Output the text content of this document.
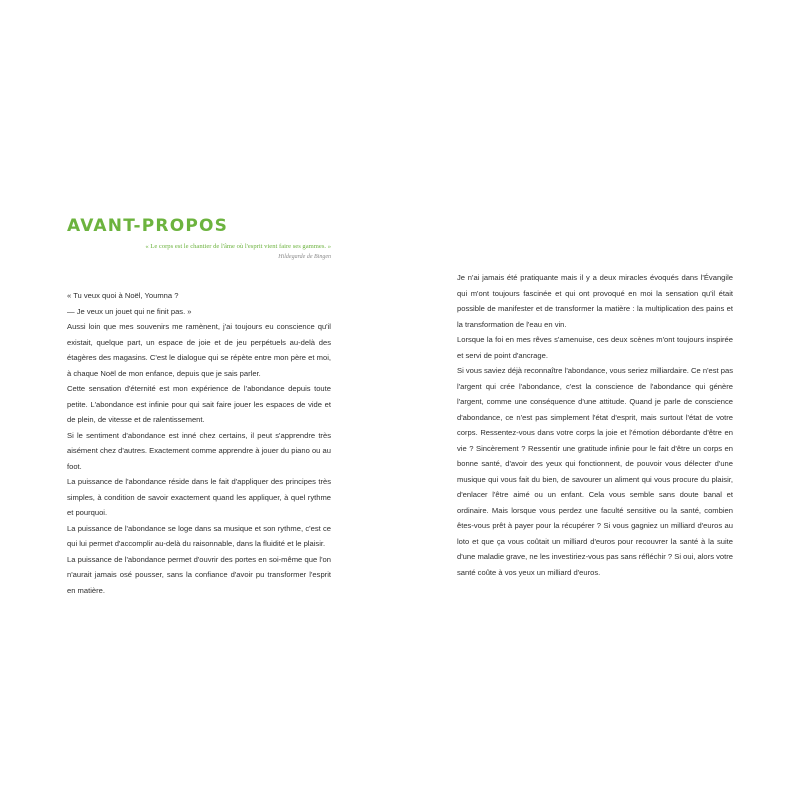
AVANT-PROPOS

« Le corps est le chantier de l'âme où l'esprit vient faire ses gammes. »

Hildegarde de Bingen

« Tu veux quoi à Noël, Youmna ?

— Je veux un jouet qui ne finit pas. »

Aussi loin que mes souvenirs me ramènent, j'ai toujours eu conscience qu'il existait, quelque part, un espace de joie et de jeu perpétuels au-delà des étagères des magasins. C'est le dialogue qui se répète entre mon père et moi, à chaque Noël de mon enfance, depuis que je sais parler.

Cette sensation d'éternité est mon expérience de l'abondance depuis toute petite. L'abondance est infinie pour qui sait faire jouer les espaces de vide et de plein, de vitesse et de ralentissement.

Si le sentiment d'abondance est inné chez certains, il peut s'apprendre très aisément chez d'autres. Exactement comme apprendre à jouer du piano ou au foot.

La puissance de l'abondance réside dans le fait d'appliquer des principes très simples, à condition de savoir exactement quand les appliquer, à quel rythme et pourquoi.

La puissance de l'abondance se loge dans sa musique et son rythme, c'est ce qui lui permet d'accomplir au-delà du raisonnable, dans la fluidité et le plaisir.

La puissance de l'abondance permet d'ouvrir des portes en soi-même que l'on n'aurait jamais osé pousser, sans la confiance d'avoir pu transformer l'esprit en matière.

Je n'ai jamais été pratiquante mais il y a deux miracles évoqués dans l'Évangile qui m'ont toujours fascinée et qui ont provoqué en moi la sensation qu'il était possible de manifester et de transformer la matière : la multiplication des pains et la transformation de l'eau en vin.

Lorsque la foi en mes rêves s'amenuise, ces deux scènes m'ont toujours inspirée et servi de point d'ancrage.

Si vous saviez déjà reconnaître l'abondance, vous seriez milliardaire. Ce n'est pas l'argent qui crée l'abondance, c'est la conscience de l'abondance qui génère l'argent, comme une conséquence d'une attitude. Quand je parle de conscience d'abondance, ce n'est pas simplement l'état d'esprit, mais surtout l'état de votre corps. Ressentez-vous dans votre corps la joie et l'émotion débordante d'être en vie ? Sincèrement ? Ressentir une gratitude infinie pour le fait d'être un corps en bonne santé, d'avoir des yeux qui fonctionnent, de pouvoir vous délecter d'une musique qui vous fait du bien, de savourer un aliment qui vous procure du plaisir, d'enlacer l'être aimé ou un enfant. Cela vous semble sans doute banal et ordinaire. Mais lorsque vous perdez une faculté sensitive ou la santé, combien êtes-vous prêt à payer pour la récupérer ? Si vous gagniez un milliard d'euros au loto et que ça vous coûtait un milliard d'euros pour recouvrer la santé à la suite d'une maladie grave, ne les investiriez-vous pas sans réfléchir ? Si oui, alors votre santé coûte à vos yeux un milliard d'euros.
